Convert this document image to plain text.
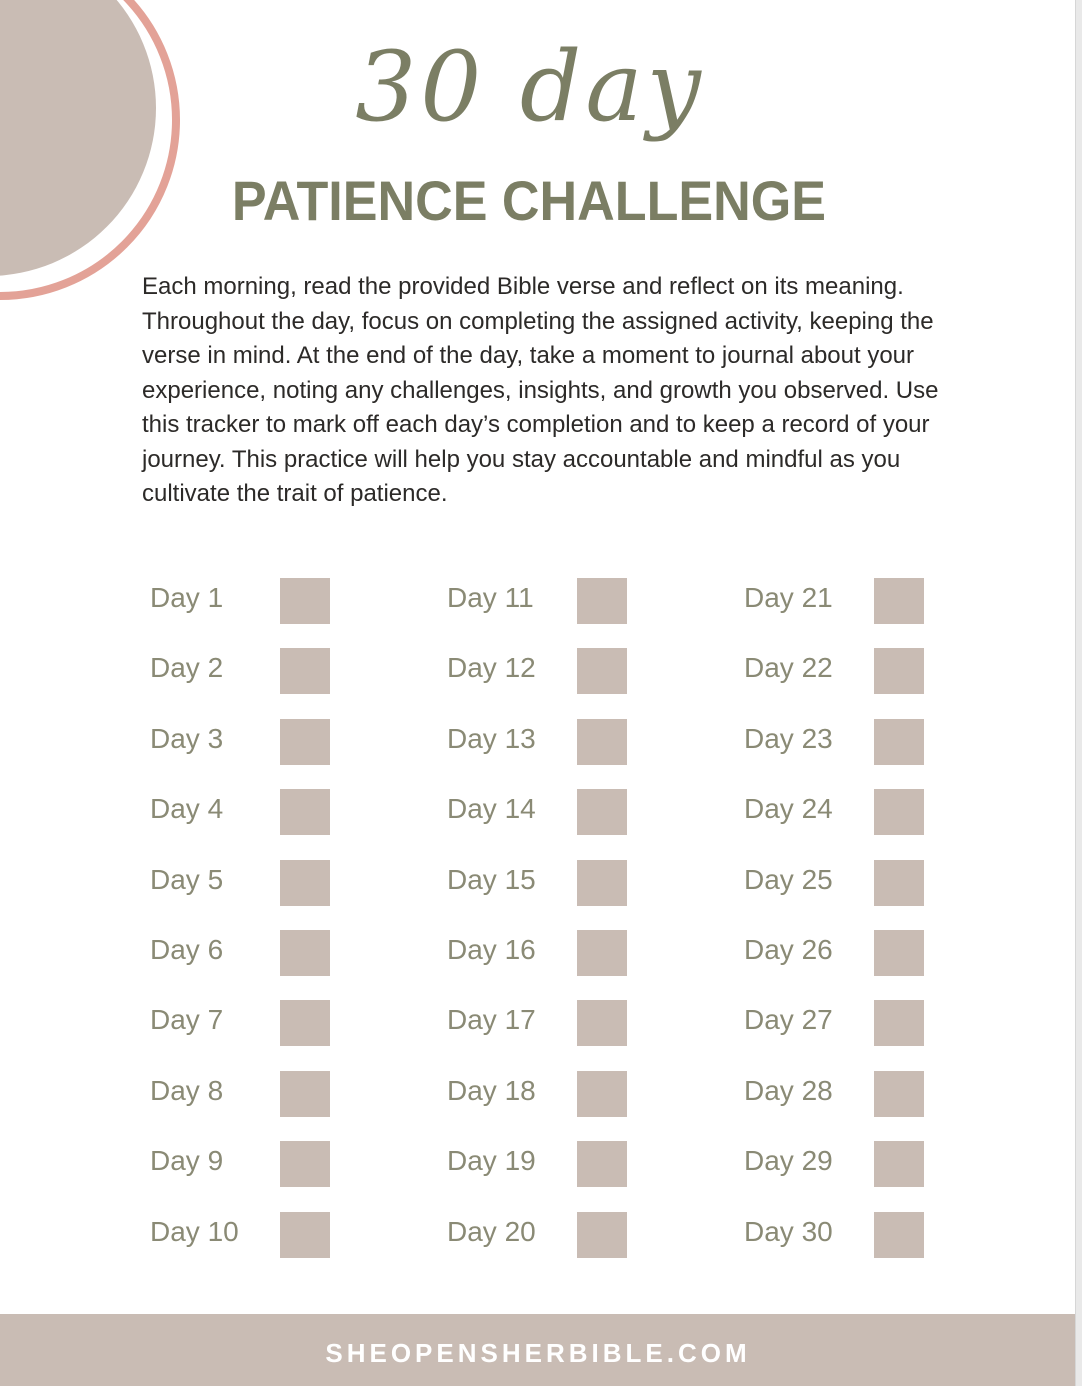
30 day
PATIENCE CHALLENGE

Each morning, read the provided Bible verse and reflect on its meaning. Throughout the day, focus on completing the assigned activity, keeping the verse in mind. At the end of the day, take a moment to journal about your experience, noting any challenges, insights, and growth you observed. Use this tracker to mark off each day’s completion and to keep a record of your journey. This practice will help you stay accountable and mindful as you cultivate the trait of patience.

Day 1
Day 2
Day 3
Day 4
Day 5
Day 6
Day 7
Day 8
Day 9
Day 10
Day 11
Day 12
Day 13
Day 14
Day 15
Day 16
Day 17
Day 18
Day 19
Day 20
Day 21
Day 22
Day 23
Day 24
Day 25
Day 26
Day 27
Day 28
Day 29
Day 30
SHEOPENSHERBIBLE.COM
